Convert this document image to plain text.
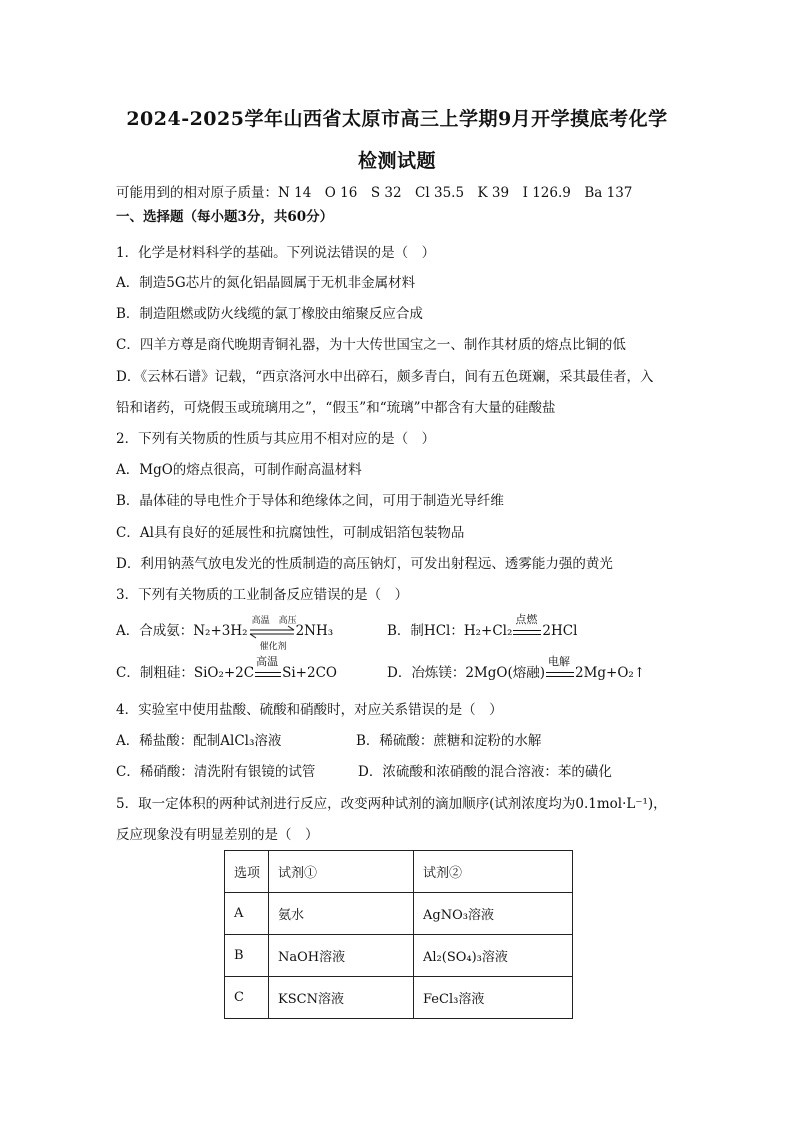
2024-2025学年山西省太原市高三上学期9月开学摸底考化学
检测试题
可能用到的相对原子质量：N 14　O 16　S 32　Cl 35.5　K 39　I 126.9　Ba 137
一、选择题（每小题3分，共60分）
1．化学是材料科学的基础。下列说法错误的是（　）
A．制造5G芯片的氮化铝晶圆属于无机非金属材料
B．制造阻燃或防火线缆的氯丁橡胶由缩聚反应合成
C．四羊方尊是商代晚期青铜礼器，为十大传世国宝之一、制作其材质的熔点比铜的低
D．《云林石谱》记载，“西京洛河水中出碎石，颇多青白，间有五色斑斓，采其最佳者，入
铅和诸药，可烧假玉或琉璃用之”，“假玉”和“琉璃”中都含有大量的硅酸盐
2．下列有关物质的性质与其应用不相对应的是（　）
A．MgO的熔点很高，可制作耐高温材料
B．晶体硅的导电性介于导体和绝缘体之间，可用于制造光导纤维
C．Al具有良好的延展性和抗腐蚀性，可制成铝箔包装物品
D．利用钠蒸气放电发光的性质制造的高压钠灯，可发出射程远、透雾能力强的黄光
3．下列有关物质的工业制备反应错误的是（　）
A．合成氨：N₂+3H₂
高温　高压
催化剂
2NH₃	B．制HCl：H₂+Cl₂
点燃
2HCl
C．制粗硅：SiO₂+2C
高温
Si+2CO	D．冶炼镁：2MgO(熔融)
电解
2Mg+O₂↑
4．实验室中使用盐酸、硫酸和硝酸时，对应关系错误的是（　）
A．稀盐酸：配制AlCl₃溶液	B．稀硫酸：蔗糖和淀粉的水解
C．稀硝酸：清洗附有银镜的试管	D．浓硫酸和浓硝酸的混合溶液：苯的磺化
5．取一定体积的两种试剂进行反应，改变两种试剂的滴加顺序(试剂浓度均为0.1mol·L⁻¹)，
反应现象没有明显差别的是（　）
选项	试剂①	试剂②
A	氨水	AgNO₃溶液
B	NaOH溶液	Al₂(SO₄)₃溶液
C	KSCN溶液	FeCl₃溶液
